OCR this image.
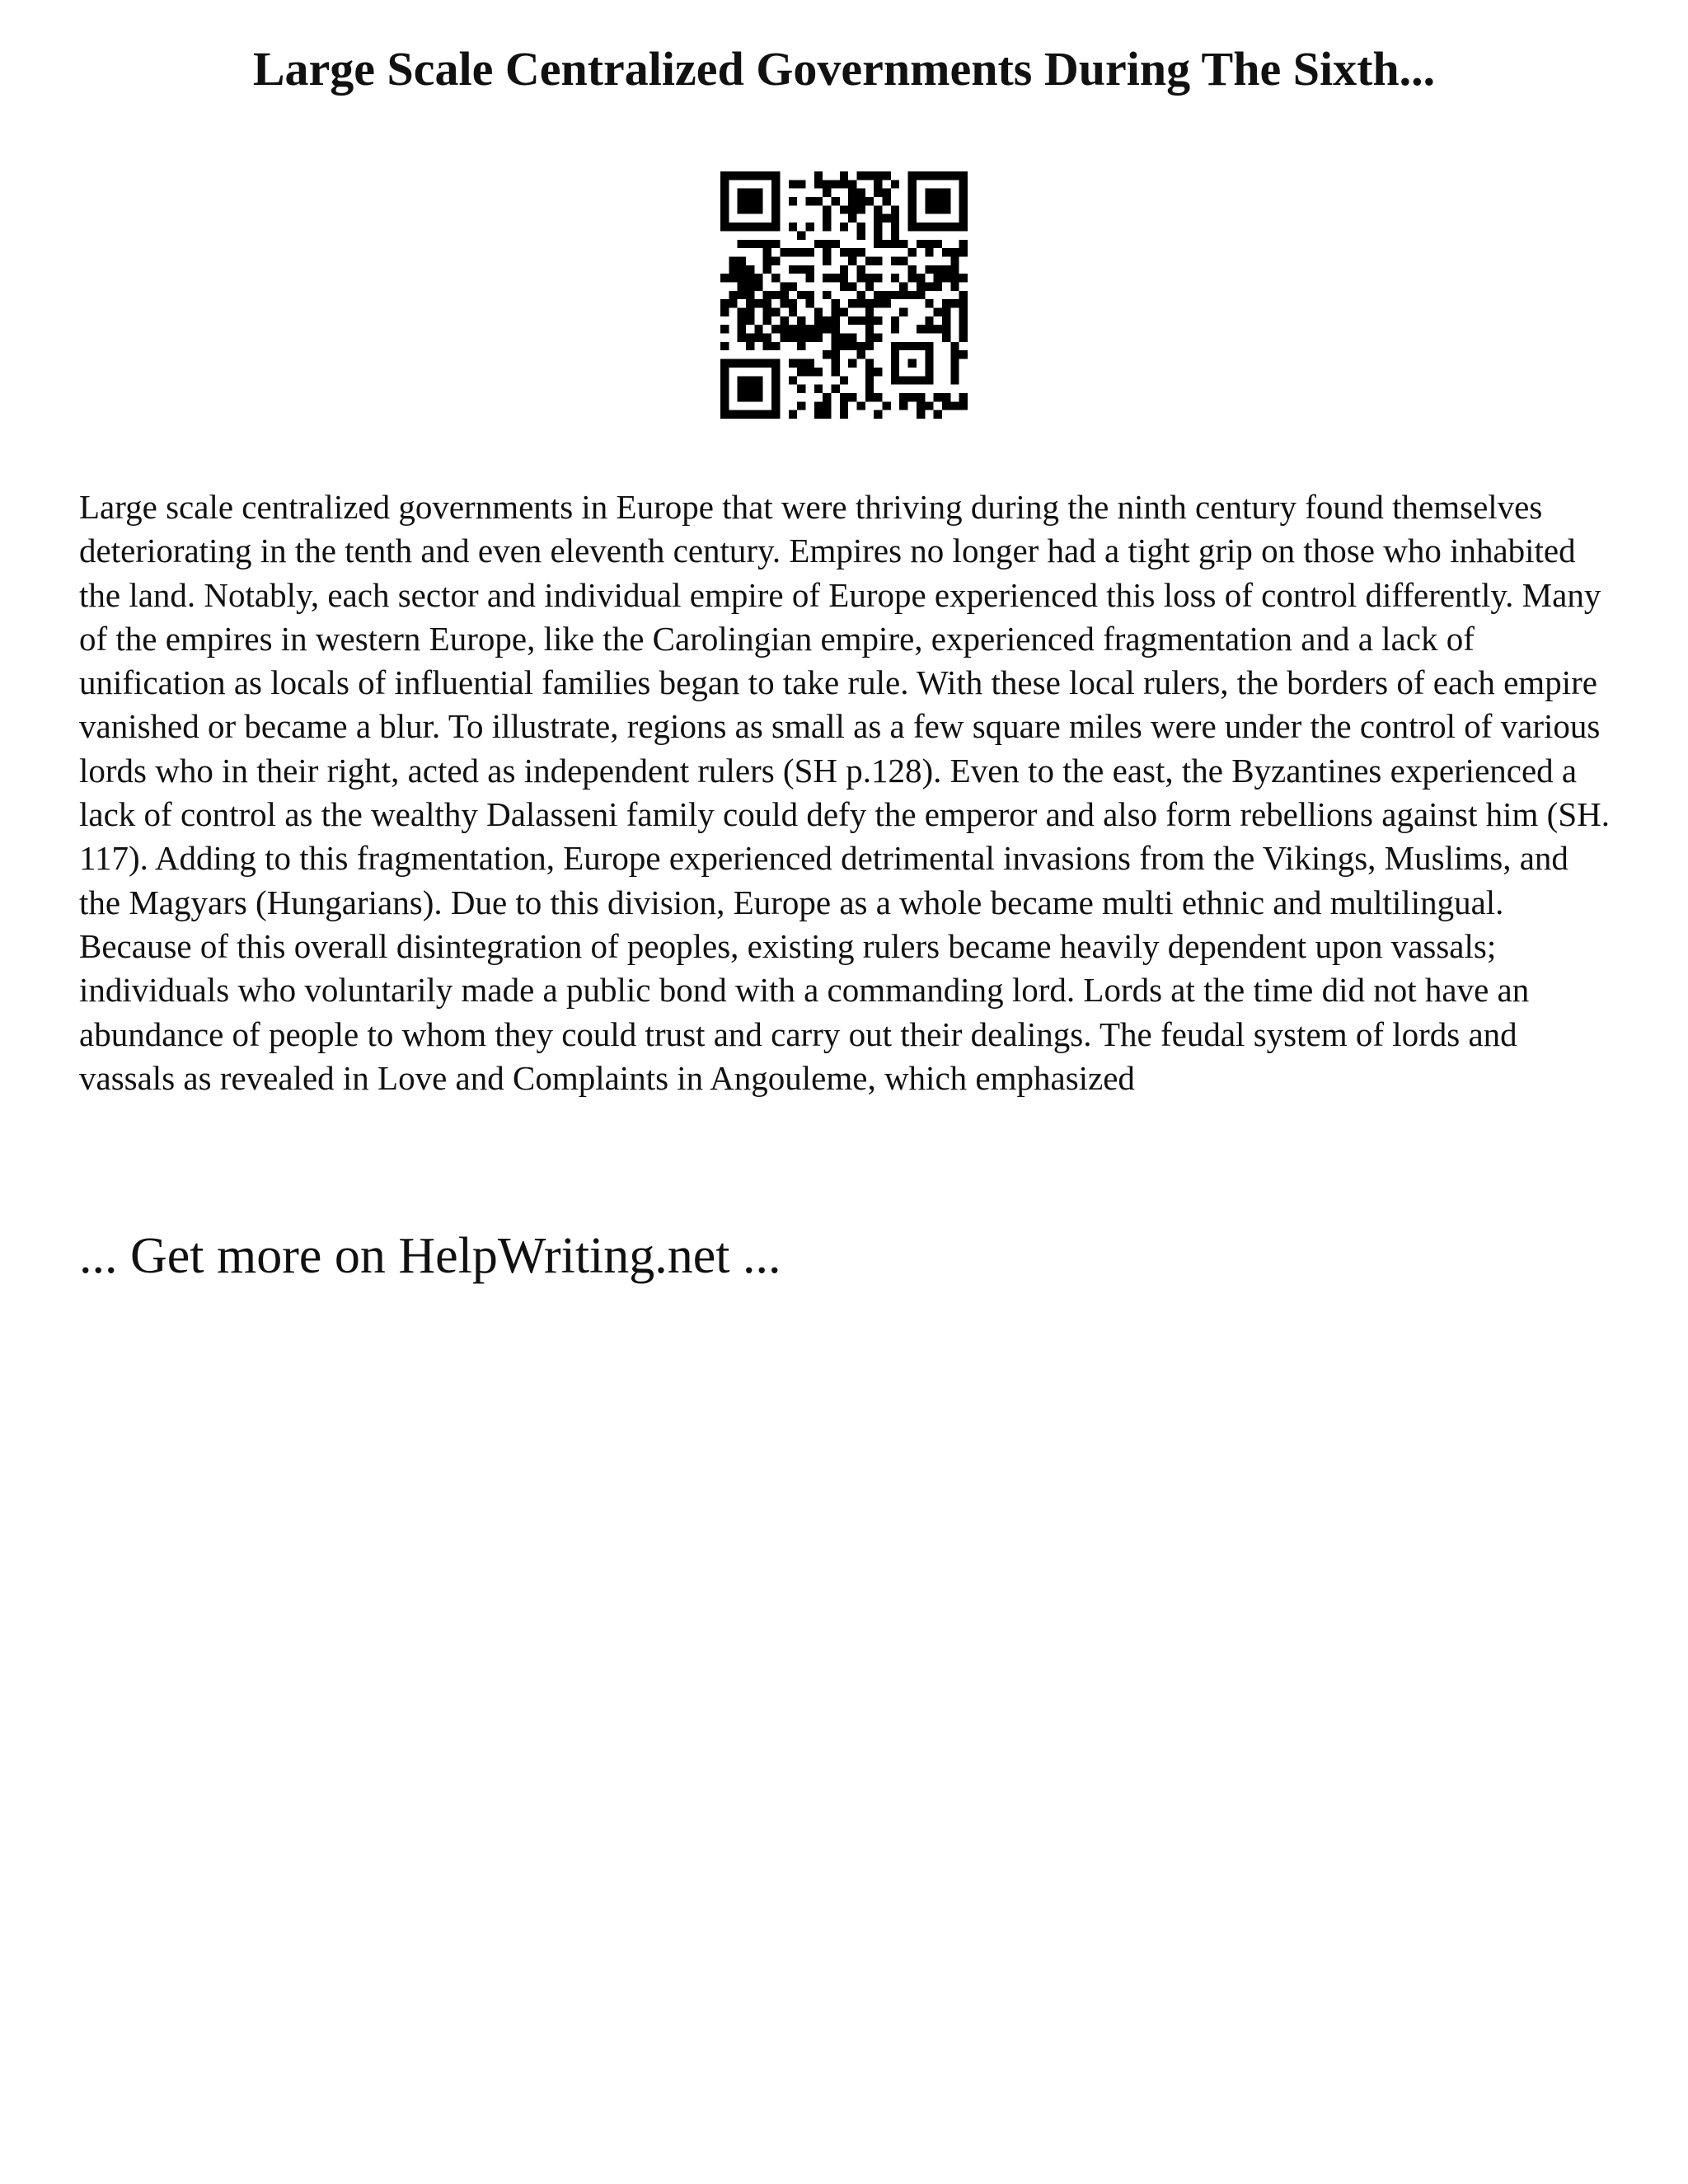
Large Scale Centralized Governments During The Sixth...

Large scale centralized governments in Europe that were thriving during the ninth century found themselves deteriorating in the tenth and even eleventh century. Empires no longer had a tight grip on those who inhabited the land. Notably, each sector and individual empire of Europe experienced this loss of control differently. Many of the empires in western Europe, like the Carolingian empire, experienced fragmentation and a lack of unification as locals of influential families began to take rule. With these local rulers, the borders of each empire vanished or became a blur. To illustrate, regions as small as a few square miles were under the control of various lords who in their right, acted as independent rulers (SH p.128). Even to the east, the Byzantines experienced a lack of control as the wealthy Dalasseni family could defy the emperor and also form rebellions against him (SH. 117). Adding to this fragmentation, Europe experienced detrimental invasions from the Vikings, Muslims, and the Magyars (Hungarians). Due to this division, Europe as a whole became multi ethnic and multilingual. Because of this overall disintegration of peoples, existing rulers became heavily dependent upon vassals; individuals who voluntarily made a public bond with a commanding lord. Lords at the time did not have an abundance of people to whom they could trust and carry out their dealings. The feudal system of lords and vassals as revealed in Love and Complaints in Angouleme, which emphasized

... Get more on HelpWriting.net ...
